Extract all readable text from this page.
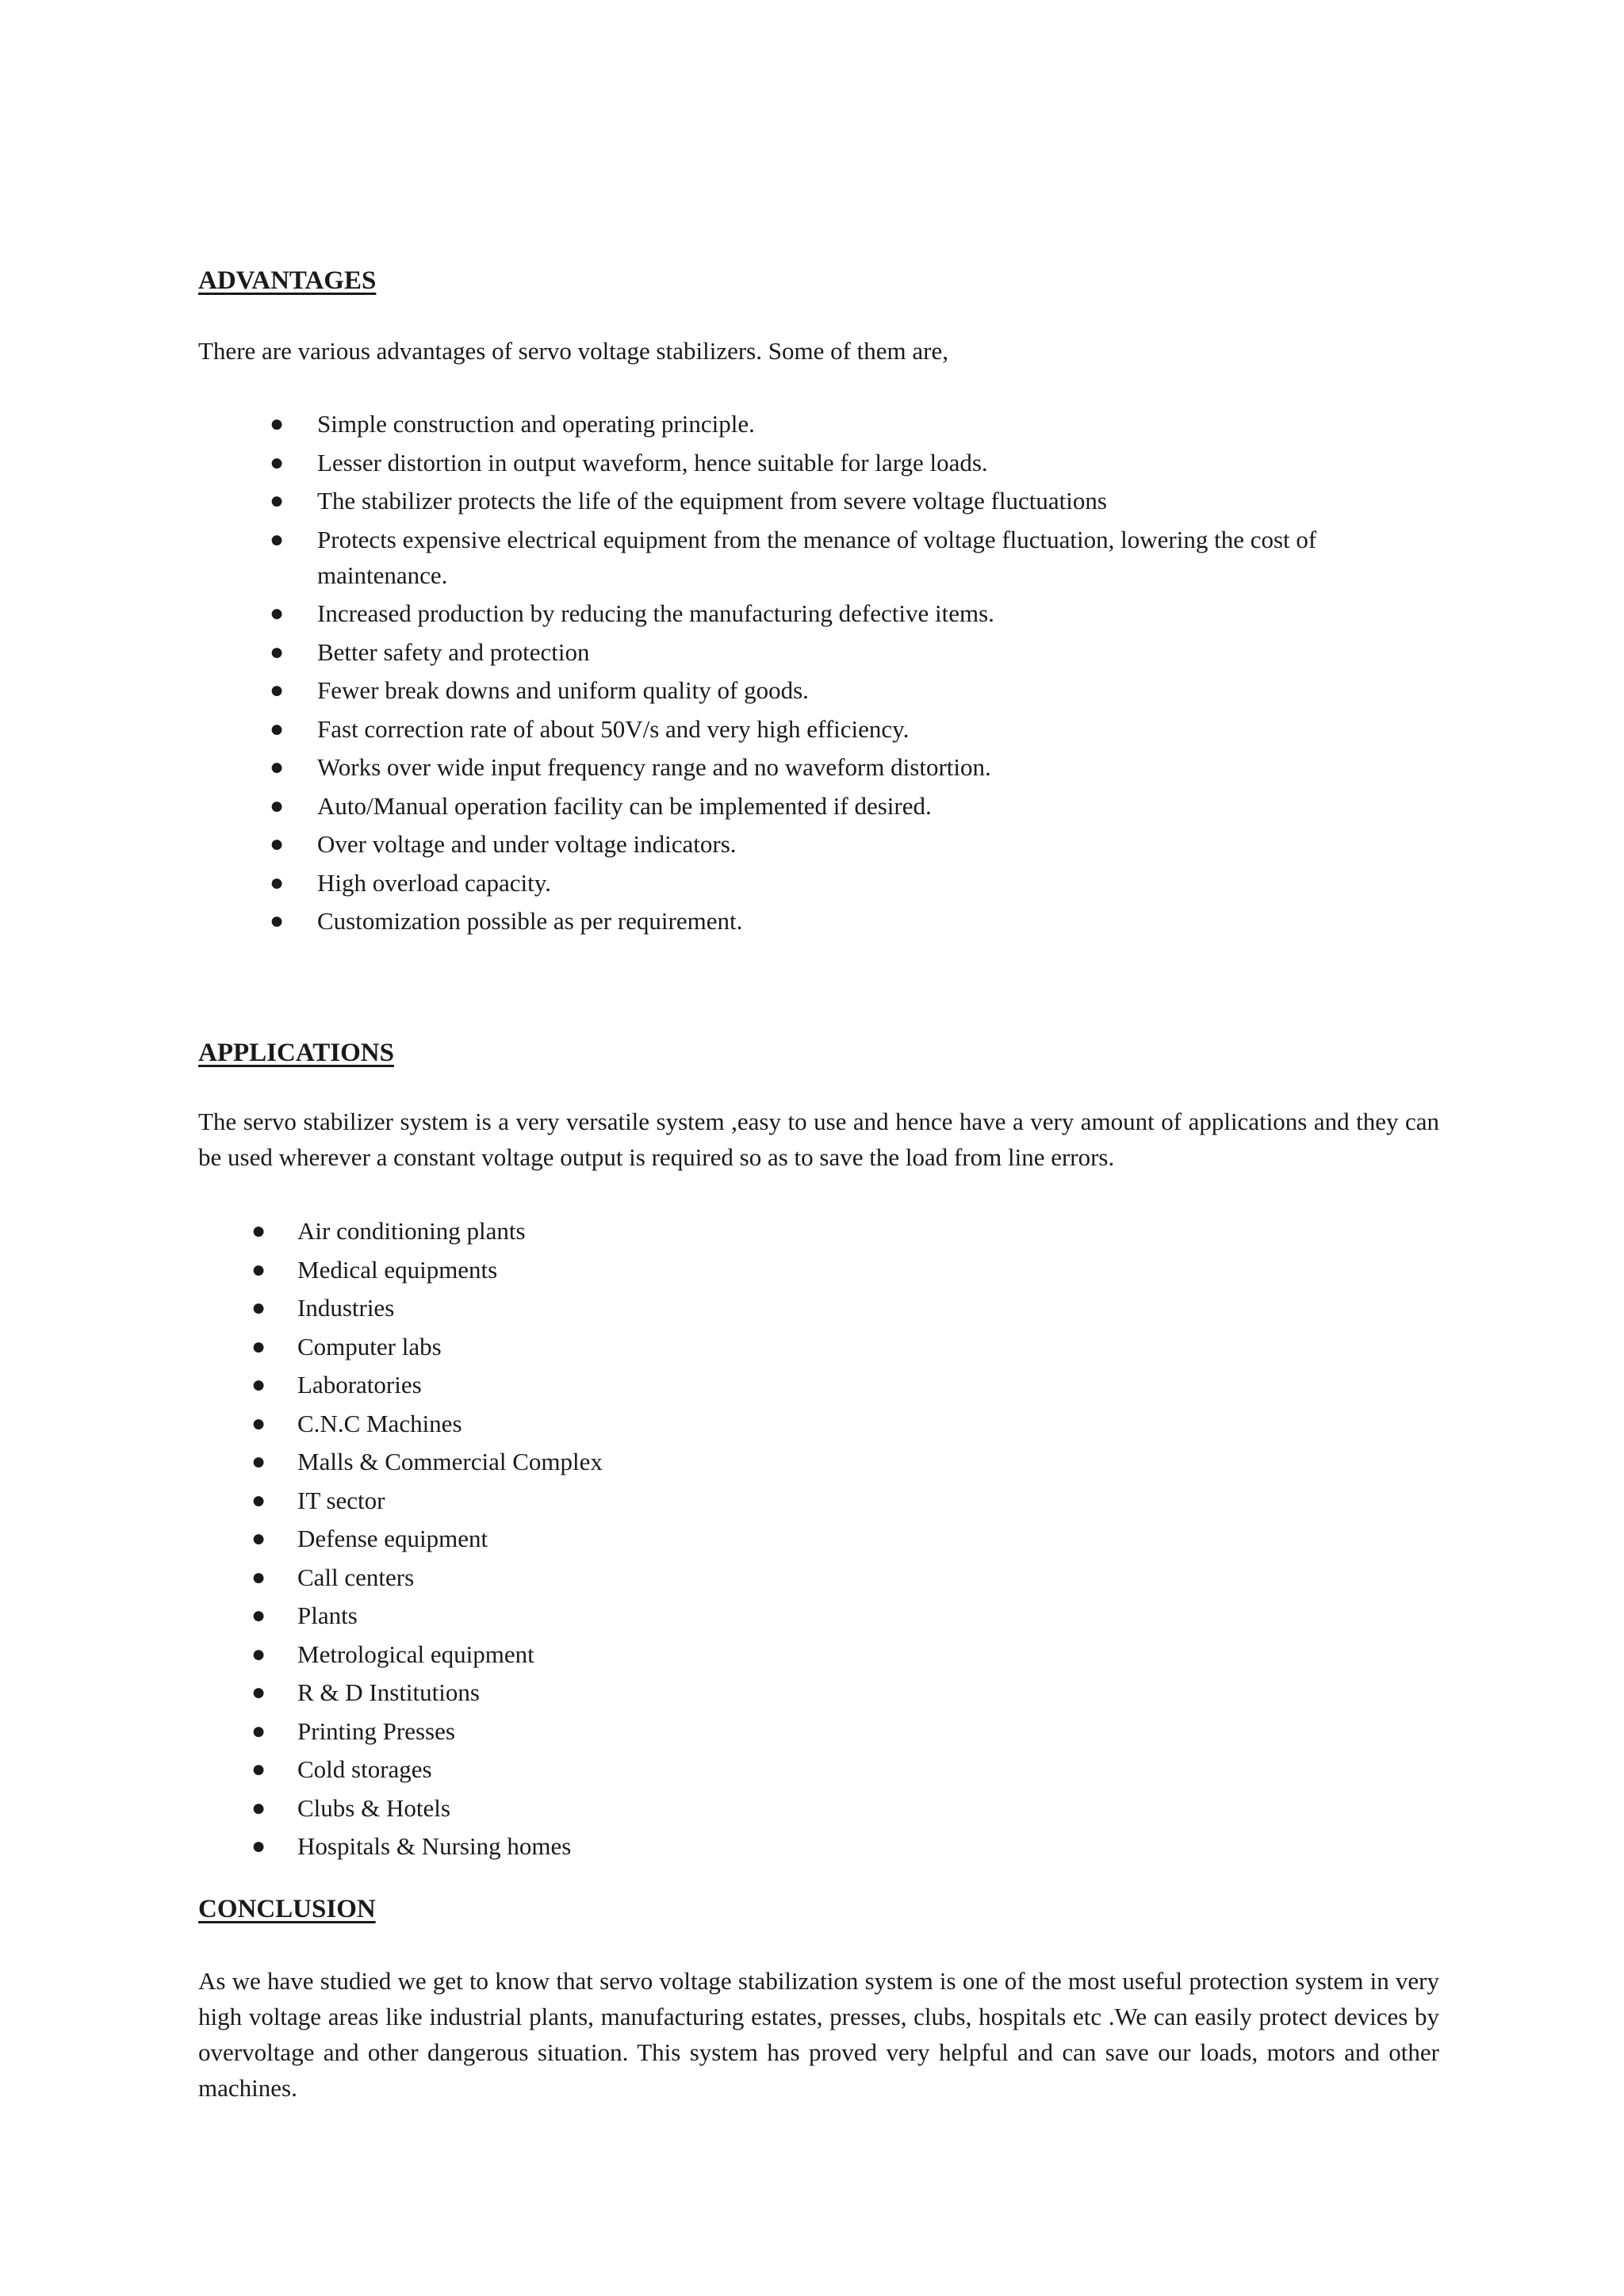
ADVANTAGES

There are various advantages of servo voltage stabilizers. Some of them are,

● Simple construction and operating principle.
● Lesser distortion in output waveform, hence suitable for large loads.
● The stabilizer protects the life of the equipment from severe voltage fluctuations
● Protects expensive electrical equipment from the menance of voltage fluctuation, lowering the cost of maintenance.
● Increased production by reducing the manufacturing defective items.
● Better safety and protection
● Fewer break downs and uniform quality of goods.
● Fast correction rate of about 50V/s and very high efficiency.
● Works over wide input frequency range and no waveform distortion.
● Auto/Manual operation facility can be implemented if desired.
● Over voltage and under voltage indicators.
● High overload capacity.
● Customization possible as per requirement.
APPLICATIONS

The servo stabilizer system is a very versatile system ,easy to use and hence have a very amount of applications and they can be used wherever a constant voltage output is required so as to save the load from line errors.

● Air conditioning plants
● Medical equipments
● Industries
● Computer labs
● Laboratories
● C.N.C Machines
● Malls & Commercial Complex
● IT sector
● Defense equipment
● Call centers
● Plants
● Metrological equipment
● R & D Institutions
● Printing Presses
● Cold storages
● Clubs & Hotels
● Hospitals & Nursing homes
CONCLUSION

As we have studied we get to know that servo voltage stabilization system is one of the most useful protection system in very high voltage areas like industrial plants, manufacturing estates, presses, clubs, hospitals etc .We can easily protect devices by overvoltage and other dangerous situation. This system has proved very helpful and can save our loads, motors and other machines.
